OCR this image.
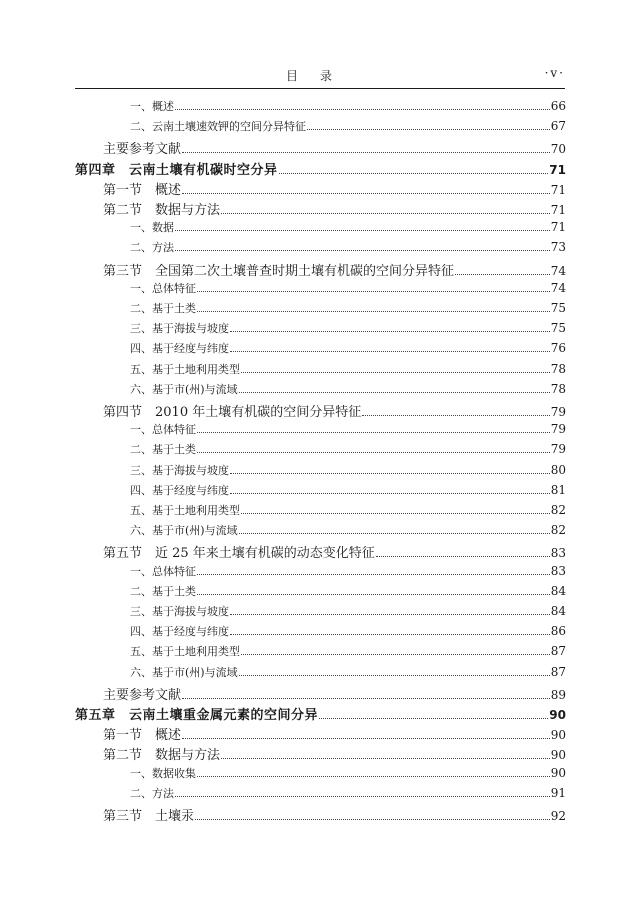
目录	·v·
一、概述	66
二、云南土壤速效钾的空间分异特征	67
主要参考文献	70
第四章　云南土壤有机碳时空分异	71
第一节　概述	71
第二节　数据与方法	71
一、数据	71
二、方法	73
第三节　全国第二次土壤普查时期土壤有机碳的空间分异特征	74
一、总体特征	74
二、基于土类	75
三、基于海拔与坡度	75
四、基于经度与纬度	76
五、基于土地利用类型	78
六、基于市(州)与流域	78
第四节　2010 年土壤有机碳的空间分异特征	79
一、总体特征	79
二、基于土类	79
三、基于海拔与坡度	80
四、基于经度与纬度	81
五、基于土地利用类型	82
六、基于市(州)与流域	82
第五节　近 25 年来土壤有机碳的动态变化特征	83
一、总体特征	83
二、基于土类	84
三、基于海拔与坡度	84
四、基于经度与纬度	86
五、基于土地利用类型	87
六、基于市(州)与流域	87
主要参考文献	89
第五章　云南土壤重金属元素的空间分异	90
第一节　概述	90
第二节　数据与方法	90
一、数据收集	90
二、方法	91
第三节　土壤汞	92
